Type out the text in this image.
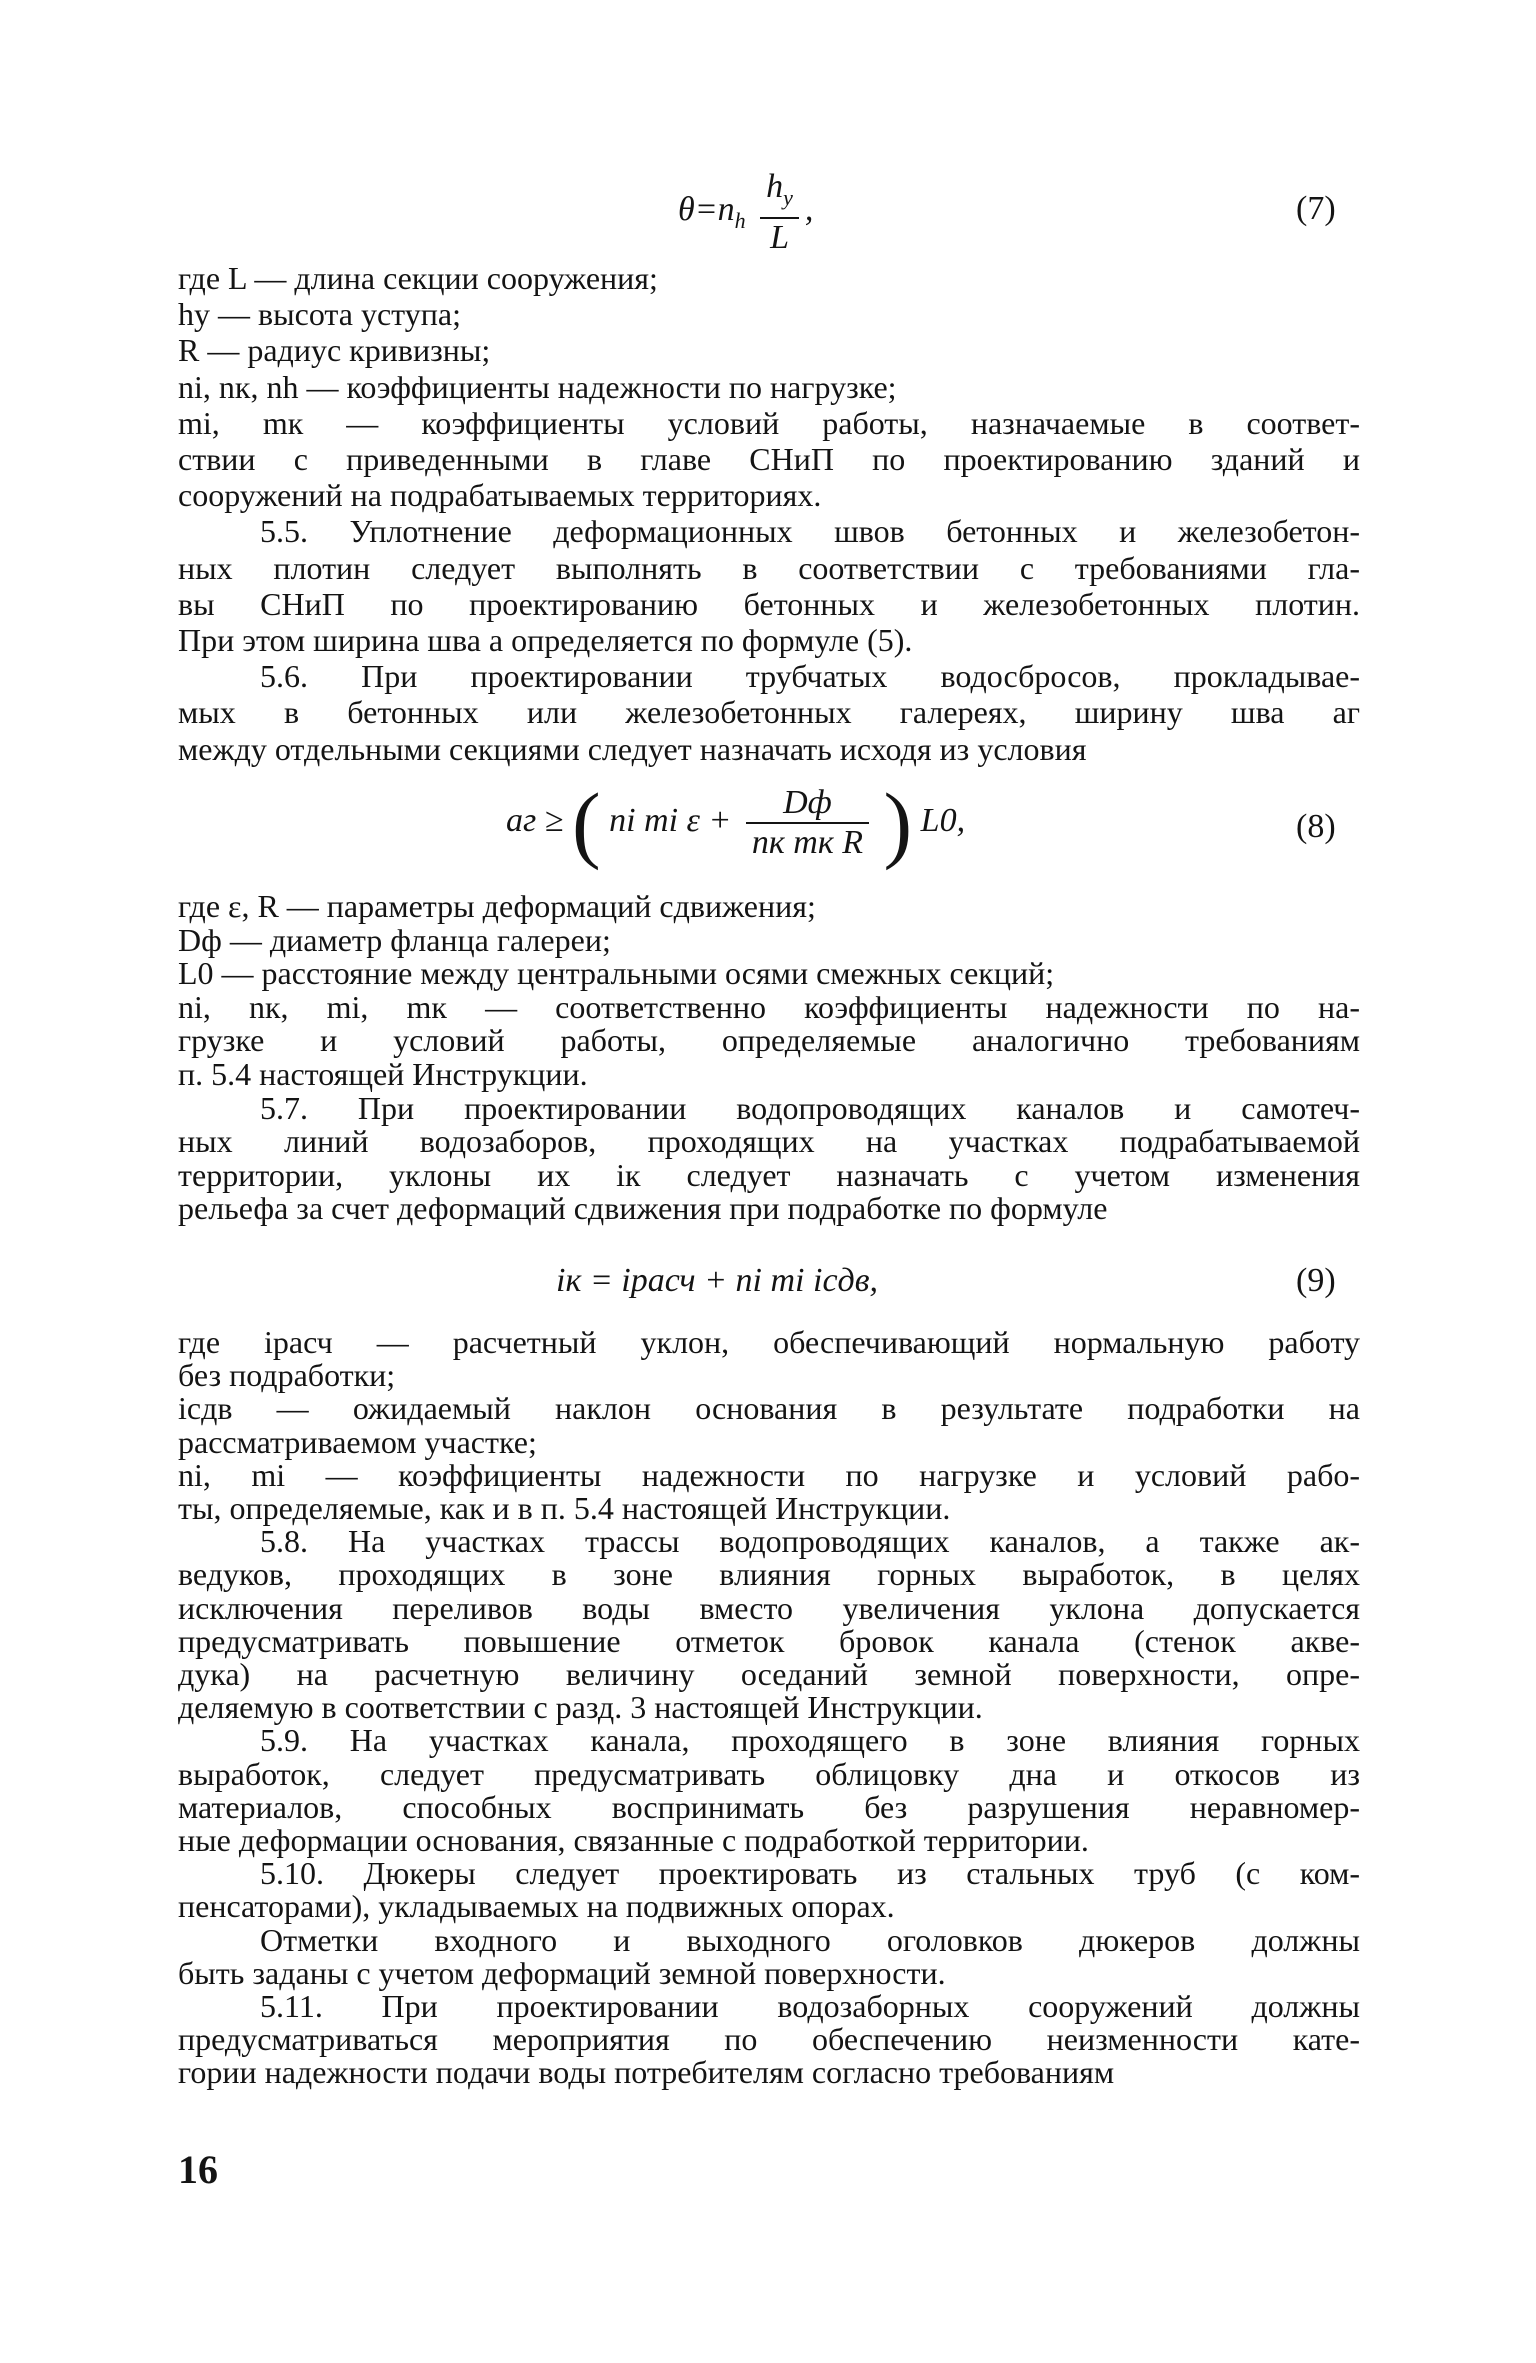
$\theta=n_h \frac{h_у}{L}$ ,	(7)
где L — длина секции сооружения;
hу — высота уступа;
R — радиус кривизны;
ni, nк, nh — коэффициенты надежности по нагрузке;
mi, mк — коэффициенты условий работы, назначаемые в соответ-
ствии с приведенными в главе СНиП по проектированию зданий и
сооружений на подрабатываемых территориях.
5.5. Уплотнение деформационных швов бетонных и железобетон-
ных плотин следует выполнять в соответствии с требованиями гла-
вы СНиП по проектированию бетонных и железобетонных плотин.
При этом ширина шва a определяется по формуле (5).
5.6. При проектировании трубчатых водосбросов, прокладывае-
мых в бетонных или железобетонных галереях, ширину шва aг
между отдельными секциями следует назначать исходя из условия
aг ≥ ( ni mi $\varepsilon + \frac{Dф}{\text{nк mк R}}$ ) L0,	(8)
где ε, R — параметры деформаций сдвижения;
Dф — диаметр фланца галереи;
L0 — расстояние между центральными осями смежных секций;
ni, nк, mi, mк — соответственно коэффициенты надежности по на-
грузке и условий работы, определяемые аналогично требованиям
п. 5.4 настоящей Инструкции.
5.7. При проектировании водопроводящих каналов и самотеч-
ных линий водозаборов, проходящих на участках подрабатываемой
территории, уклоны их iк следует назначать с учетом изменения
рельефа за счет деформаций сдвижения при подработке по формуле
iк = iрасч + ni mi iсдв,	(9)
где iрасч — расчетный уклон, обеспечивающий нормальную работу
без подработки;
iсдв — ожидаемый наклон основания в результате подработки на
рассматриваемом участке;
ni, mi — коэффициенты надежности по нагрузке и условий рабо-
ты, определяемые, как и в п. 5.4 настоящей Инструкции.
5.8. На участках трассы водопроводящих каналов, а также ак-
ведуков, проходящих в зоне влияния горных выработок, в целях
исключения переливов воды вместо увеличения уклона допускается
предусматривать повышение отметок бровок канала (стенок акве-
дука) на расчетную величину оседаний земной поверхности, опре-
деляемую в соответствии с разд. 3 настоящей Инструкции.
5.9. На участках канала, проходящего в зоне влияния горных
выработок, следует предусматривать облицовку дна и откосов из
материалов, способных воспринимать без разрушения неравномер-
ные деформации основания, связанные с подработкой территории.
5.10. Дюкеры следует проектировать из стальных труб (с ком-
пенсаторами), укладываемых на подвижных опорах.
Отметки входного и выходного оголовков дюкеров должны
быть заданы с учетом деформаций земной поверхности.
5.11. При проектировании водозаборных сооружений должны
предусматриваться мероприятия по обеспечению неизменности кате-
гории надежности подачи воды потребителям согласно требованиям
16
